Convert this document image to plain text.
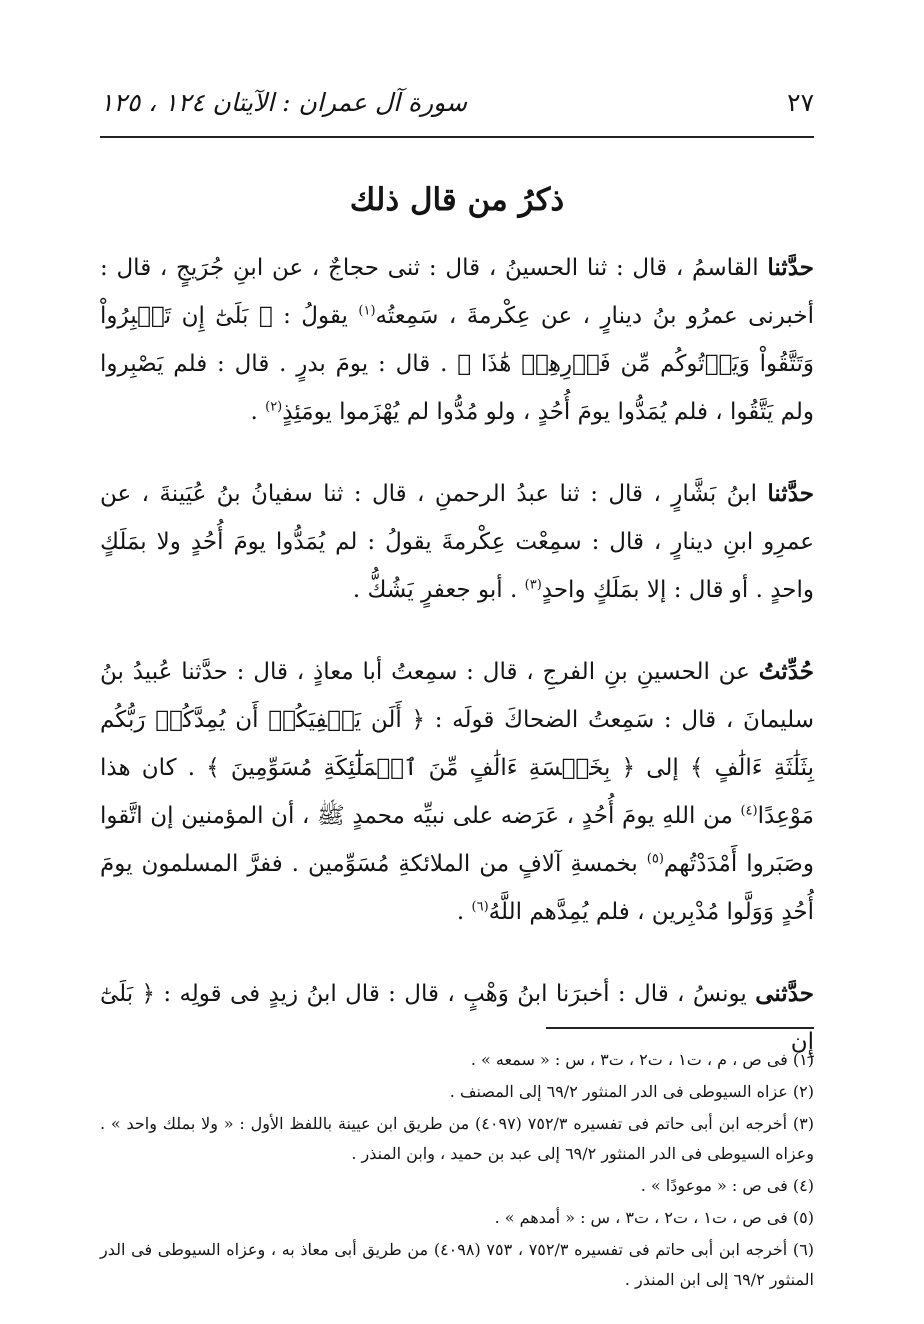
٢٧
سورة آل عمران : الآيتان ١٢٤ ، ١٢٥
ذكرُ من قال ذلك

حدَّثنا القاسمُ ، قال : ثنا الحسينُ ، قال : ثنى حجاجٌ ، عن ابنِ جُرَيجٍ ، قال : أخبرنى عمرُو بنُ دينارٍ ، عن عِكْرمةَ ، سَمِعتُه$^{(١)}$ يقولُ : ﴿ بَلَىٰٓ إِن تَصۡبِرُواْ وَتَتَّقُواْ وَيَأۡتُوكُم مِّن فَوۡرِهِمۡ هَٰذَا ﴾ . قال : يومَ بدرٍ . قال : فلم يَصْبِروا ولم يَتَّقُوا ، فلم يُمَدُّوا يومَ أُحُدٍ ، ولو مُدُّوا لم يُهْزَموا يومَئِذٍ$^{(٢)}$ .

حدَّثنا ابنُ بَشَّارٍ ، قال : ثنا عبدُ الرحمنِ ، قال : ثنا سفيانُ بنُ عُيَينةَ ، عن عمرِو ابنِ دينارٍ ، قال : سمِعْت عِكْرمةَ يقولُ : لم يُمَدُّوا يومَ أُحُدٍ ولا بمَلَكٍ واحدٍ . أو قال : إلا بمَلَكٍ واحدٍ$^{(٣)}$ . أبو جعفرٍ يَشُكُّ .

حُدِّثتُ عن الحسينِ بنِ الفرجِ ، قال : سمِعتُ أبا معاذٍ ، قال : حدَّثنا عُبيدُ بنُ سليمانَ ، قال : سَمِعتُ الضحاكَ قولَه : ﴿ أَلَن يَكۡفِيَكُمۡ أَن يُمِدَّكُمۡ رَبُّكُم بِثَلَٰثَةِ ءَالَٰفٍ ﴾ إلى ﴿ بِخَمۡسَةِ ءَالَٰفٍ مِّنَ ٱلۡمَلَٰٓئِكَةِ مُسَوِّمِينَ ﴾ . كان هذا مَوْعِدًا$^{(٤)}$ من اللهِ يومَ أُحُدٍ ، عَرَضه على نبيِّه محمدٍ ﷺ ، أن المؤمنين إن اتَّقوا وصَبَروا أَمْدَدْتُهم$^{(٥)}$ بخمسةِ آلافٍ من الملائكةِ مُسَوِّمين . ففرَّ المسلمون يومَ أُحُدٍ وَوَلَّوا مُدْبِرين ، فلم يُمِدَّهم اللَّهُ$^{(٦)}$ .

حدَّثنى يونسُ ، قال : أخبرَنا ابنُ وَهْبٍ ، قال : قال ابنُ زيدٍ فى قولِه : ﴿ بَلَىٰٓ إِن

(١) فى ص ، م ، ت١ ، ت٢ ، ت٣ ، س : « سمعه » .

(٢) عزاه السيوطى فى الدر المنثور ٦٩/٢ إلى المصنف .

(٣) أخرجه ابن أبى حاتم فى تفسيره ٧٥٢/٣ (٤٠٩٧) من طريق ابن عيينة باللفظ الأول : « ولا بملك واحد » . وعزاه السيوطى فى الدر المنثور ٦٩/٢ إلى عبد بن حميد ، وابن المنذر .

(٤) فى ص : « موعودًا » .

(٥) فى ص ، ت١ ، ت٢ ، ت٣ ، س : « أمدهم » .

(٦) أخرجه ابن أبى حاتم فى تفسيره ٧٥٢/٣ ، ٧٥٣ (٤٠٩٨) من طريق أبى معاذ به ، وعزاه السيوطى فى الدر المنثور ٦٩/٢ إلى ابن المنذر .
